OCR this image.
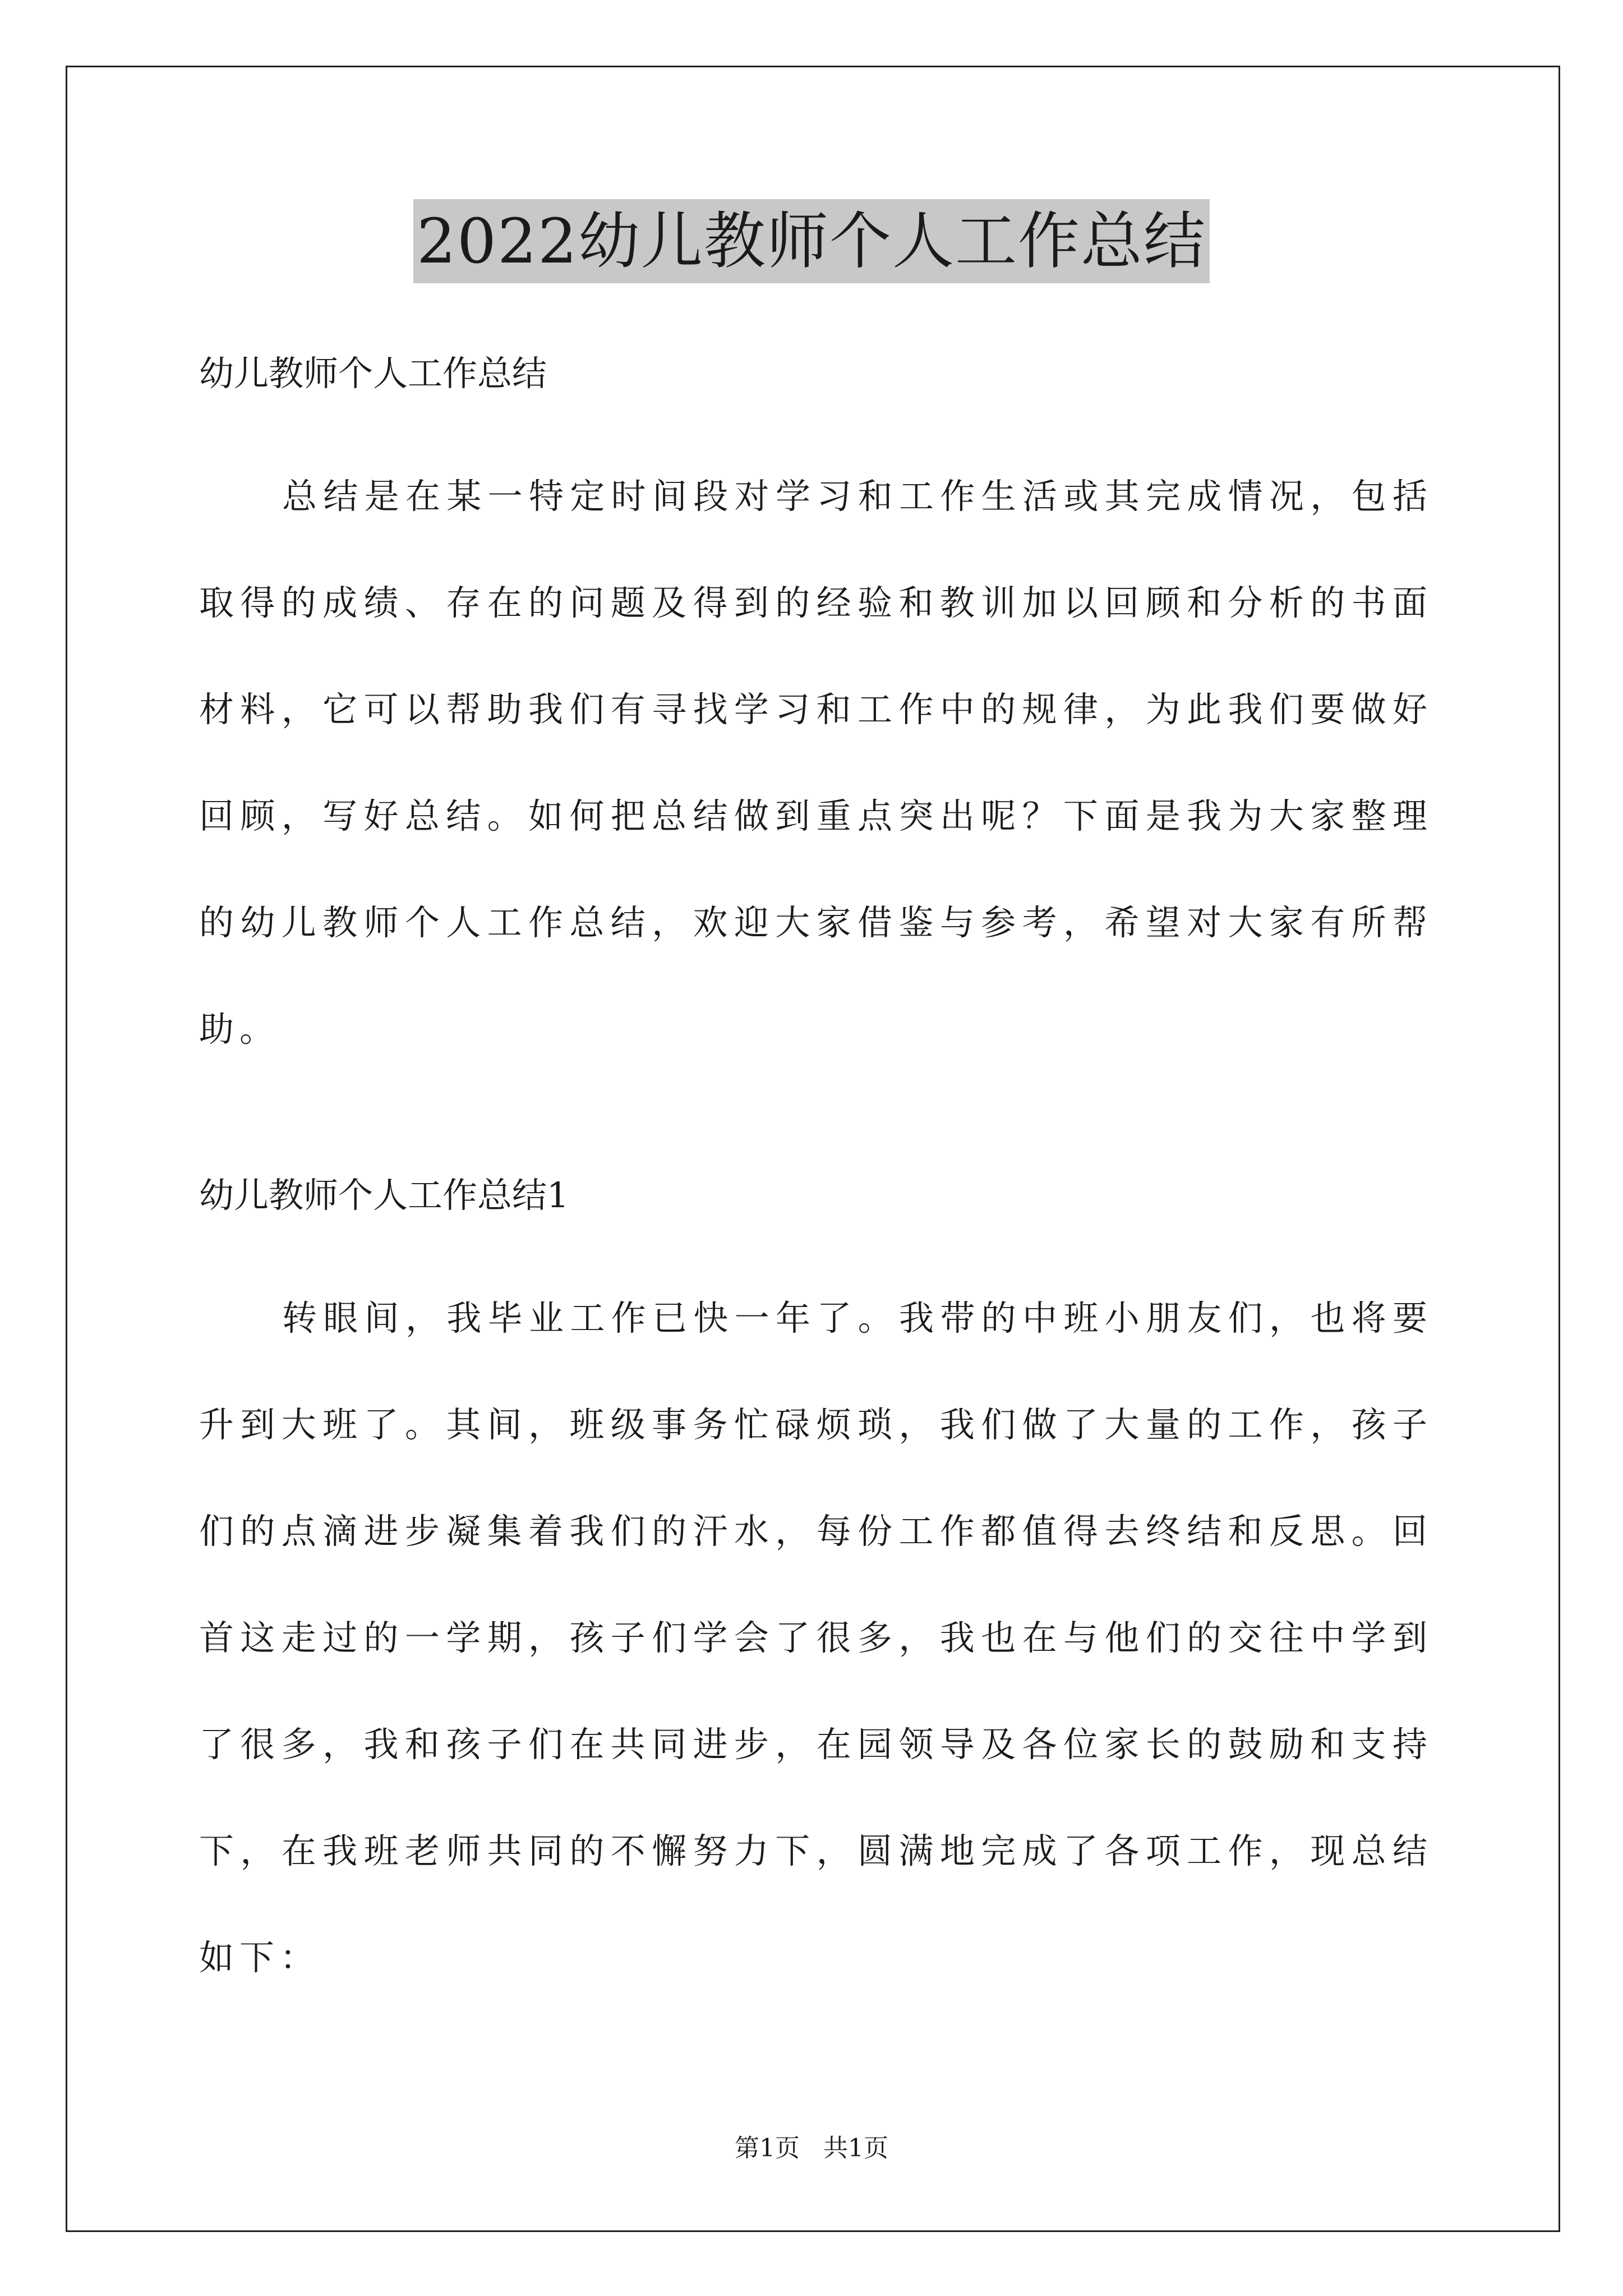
2022幼儿教师个人工作总结

幼儿教师个人工作总结

总结是在某一特定时间段对学习和工作生活或其完成情况，包括取得的成绩、存在的问题及得到的经验和教训加以回顾和分析的书面材料，它可以帮助我们有寻找学习和工作中的规律，为此我们要做好回顾，写好总结。如何把总结做到重点突出呢？下面是我为大家整理的幼儿教师个人工作总结，欢迎大家借鉴与参考，希望对大家有所帮助。

幼儿教师个人工作总结1

转眼间，我毕业工作已快一年了。我带的中班小朋友们，也将要升到大班了。其间，班级事务忙碌烦琐，我们做了大量的工作，孩子们的点滴进步凝集着我们的汗水，每份工作都值得去终结和反思。回首这走过的一学期，孩子们学会了很多，我也在与他们的交往中学到了很多，我和孩子们在共同进步，在园领导及各位家长的鼓励和支持下，在我班老师共同的不懈努力下，圆满地完成了各项工作，现总结如下：

第1页   共1页
